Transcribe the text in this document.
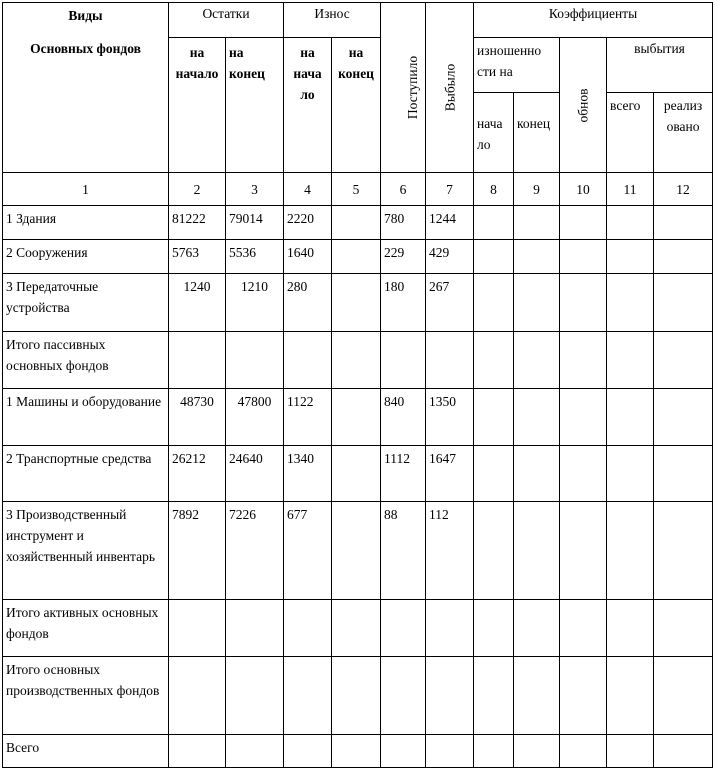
Виды
Основных фондов	Остатки		Износ		Поступило	Выбыло	Коэффициенты				
	на начало	на конец	на нача ло	на конец			изношенно сти на		обнов	выбытия	
							нача ло	конец		всего	реализ овано
1	2	3	4	5	6	7	8	9	10	11	12
1 Здания	81222	79014	2220		780	1244					
2 Сооружения	5763	5536	1640		229	429					
3 Передаточные устройства	1240	1210	280		180	267					
Итого пассивных основных фондов											
1 Машины и оборудование	48730	47800	1122		840	1350					
2 Транспортные средства	26212	24640	1340		1112	1647					
3 Производственный инструмент и хозяйственный инвентарь	7892	7226	677		88	112					
Итого активных основных фондов											
Итого основных производственных фондов											
Всего											
